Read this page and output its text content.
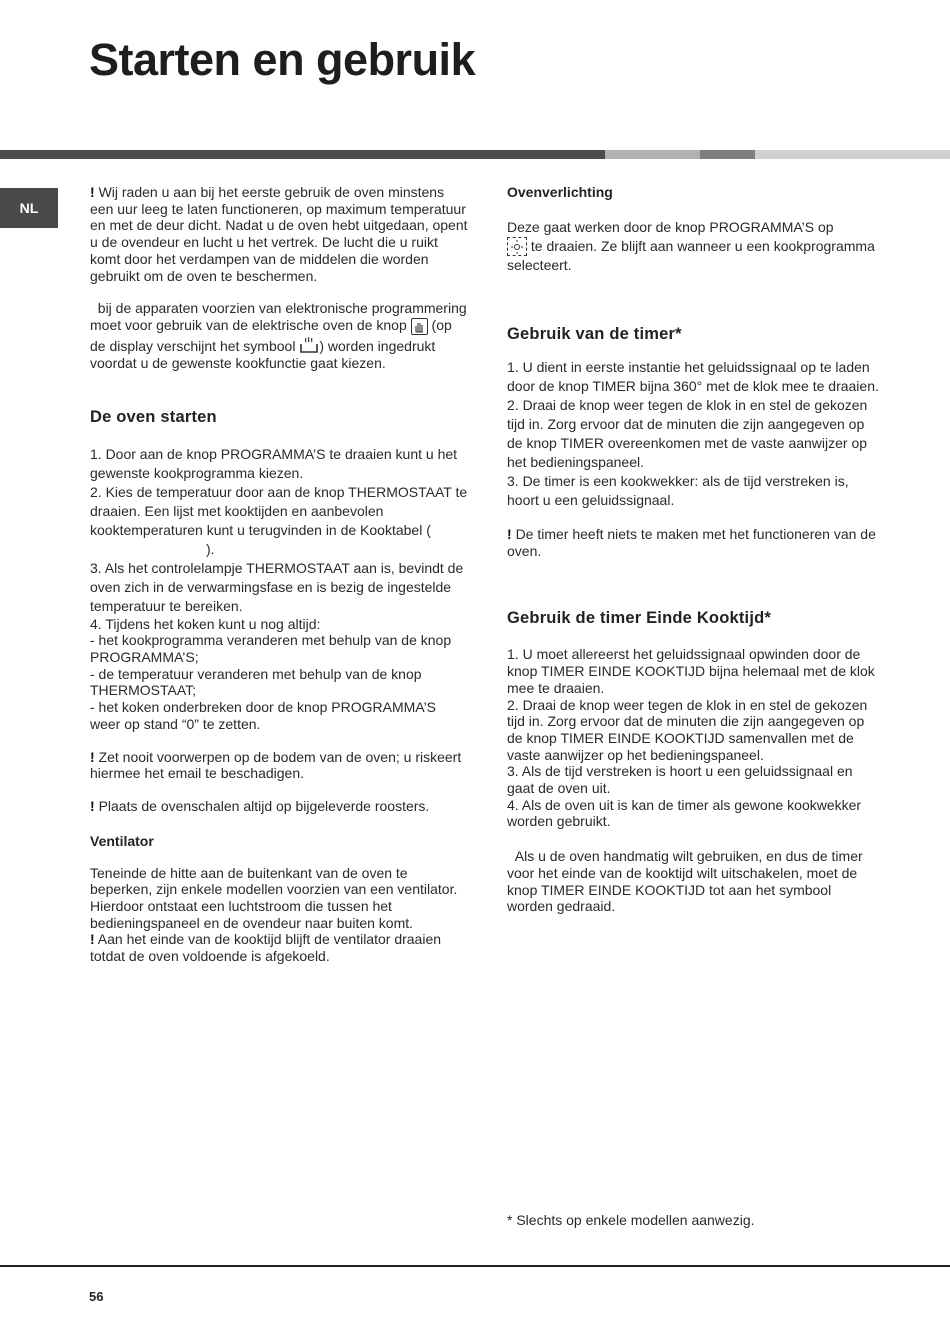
Starten en gebruik
NL

! Wij raden u aan bij het eerste gebruik de oven minstens een uur leeg te laten functioneren, op maximum temperatuur en met de deur dicht. Nadat u de oven hebt uitgedaan, opent u de ovendeur en lucht u het vertrek. De lucht die u ruikt komt door het verdampen van de middelen die worden gebruikt om de oven te beschermen.

bij de apparaten voorzien van elektronische programmering moet voor gebruik van de elektrische oven de knop (op de display verschijnt het symbool ) worden ingedrukt voordat u de gewenste kookfunctie gaat kiezen.

De oven starten

1. Door aan de knop PROGRAMMA’S te draaien kunt u het gewenste kookprogramma kiezen.

2. Kies de temperatuur door aan de knop THERMOSTAAT te draaien. Een lijst met kooktijden en aanbevolen kooktemperaturen kunt u terugvinden in de Kooktabel ().

3. Als het controlelampje THERMOSTAAT aan is, bevindt de oven zich in de verwarmingsfase en is bezig de ingestelde temperatuur te bereiken.

4. Tijdens het koken kunt u nog altijd:

- het kookprogramma veranderen met behulp van de knop PROGRAMMA’S;

- de temperatuur veranderen met behulp van de knop THERMOSTAAT;

- het koken onderbreken door de knop PROGRAMMA’S weer op stand “0” te zetten.

! Zet nooit voorwerpen op de bodem van de oven; u riskeert hiermee het email te beschadigen.

! Plaats de ovenschalen altijd op bijgeleverde roosters.

Ventilator

Teneinde de hitte aan de buitenkant van de oven te beperken, zijn enkele modellen voorzien van een ventilator. Hierdoor ontstaat een luchtstroom die tussen het bedieningspaneel en de ovendeur naar buiten komt.

! Aan het einde van de kooktijd blijft de ventilator draaien totdat de oven voldoende is afgekoeld.

Ovenverlichting

Deze gaat werken door de knop PROGRAMMA’S op
te draaien. Ze blijft aan wanneer u een kookprogramma selecteert.

Gebruik van de timer*

1. U dient in eerste instantie het geluidssignaal op te laden door de knop TIMER bijna 360° met de klok mee te draaien.

2. Draai de knop weer tegen de klok in en stel de gekozen tijd in. Zorg ervoor dat de minuten die zijn aangegeven op de knop TIMER overeenkomen met de vaste aanwijzer op het bedieningspaneel.

3. De timer is een kookwekker: als de tijd verstreken is, hoort u een geluidssignaal.

! De timer heeft niets te maken met het functioneren van de oven.

Gebruik de timer Einde Kooktijd*

1. U moet allereerst het geluidssignaal opwinden door de knop TIMER EINDE KOOKTIJD bijna helemaal met de klok mee te draaien.

2. Draai de knop weer tegen de klok in en stel de gekozen tijd in. Zorg ervoor dat de minuten die zijn aangegeven op de knop TIMER EINDE KOOKTIJD samenvallen met de vaste aanwijzer op het bedieningspaneel.

3. Als de tijd verstreken is hoort u een geluidssignaal en gaat de oven uit.

4. Als de oven uit is kan de timer als gewone kookwekker worden gebruikt.

Als u de oven handmatig wilt gebruiken, en dus de timer voor het einde van de kooktijd wilt uitschakelen, moet de knop TIMER EINDE KOOKTIJD tot aan het symboolworden gedraaid.

* Slechts op enkele modellen aanwezig.
56
